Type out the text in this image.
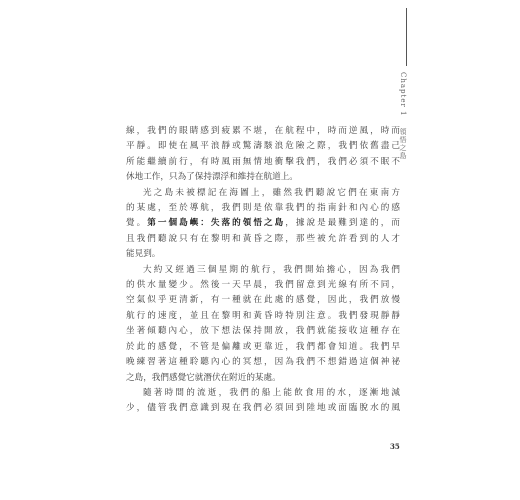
Chapter 1 領悟之島

線，我們的眼睛感到疲累不堪，在航程中，時而逆風，時而
平靜。即使在風平浪靜或驚濤駭浪危險之際，我們依舊盡己
所能繼續前行，有時風雨無情地衝擊我們，我們必須不眠不
休地工作，只為了保持漂浮和維持在航道上。

光之島未被標記在海圖上，雖然我們聽說它們在東南方
的某處，至於導航，我們則是依靠我們的指南針和內心的感
覺。第一個島嶼：失落的領悟之島，據說是最難到達的，而
且我們聽說只有在黎明和黃昏之際，那些被允許看到的人才
能見到。

大約又經過三個星期的航行，我們開始擔心，因為我們
的供水量變少。然後一天早晨，我們留意到光線有所不同，
空氣似乎更清新，有一種就在此處的感覺，因此，我們放慢
航行的速度，並且在黎明和黃昏時特別注意。我們發現靜靜
坐著傾聽內心，放下想法保持開放，我們就能接收這種存在
於此的感覺，不管是偏離或更靠近，我們都會知道。我們早
晚練習著這種聆聽內心的冥想，因為我們不想錯過這個神祕
之島，我們感覺它就潛伏在附近的某處。

隨著時間的流逝，我們的船上能飲食用的水，逐漸地減
少，儘管我們意識到現在我們必須回到陸地或面臨脫水的風

35
